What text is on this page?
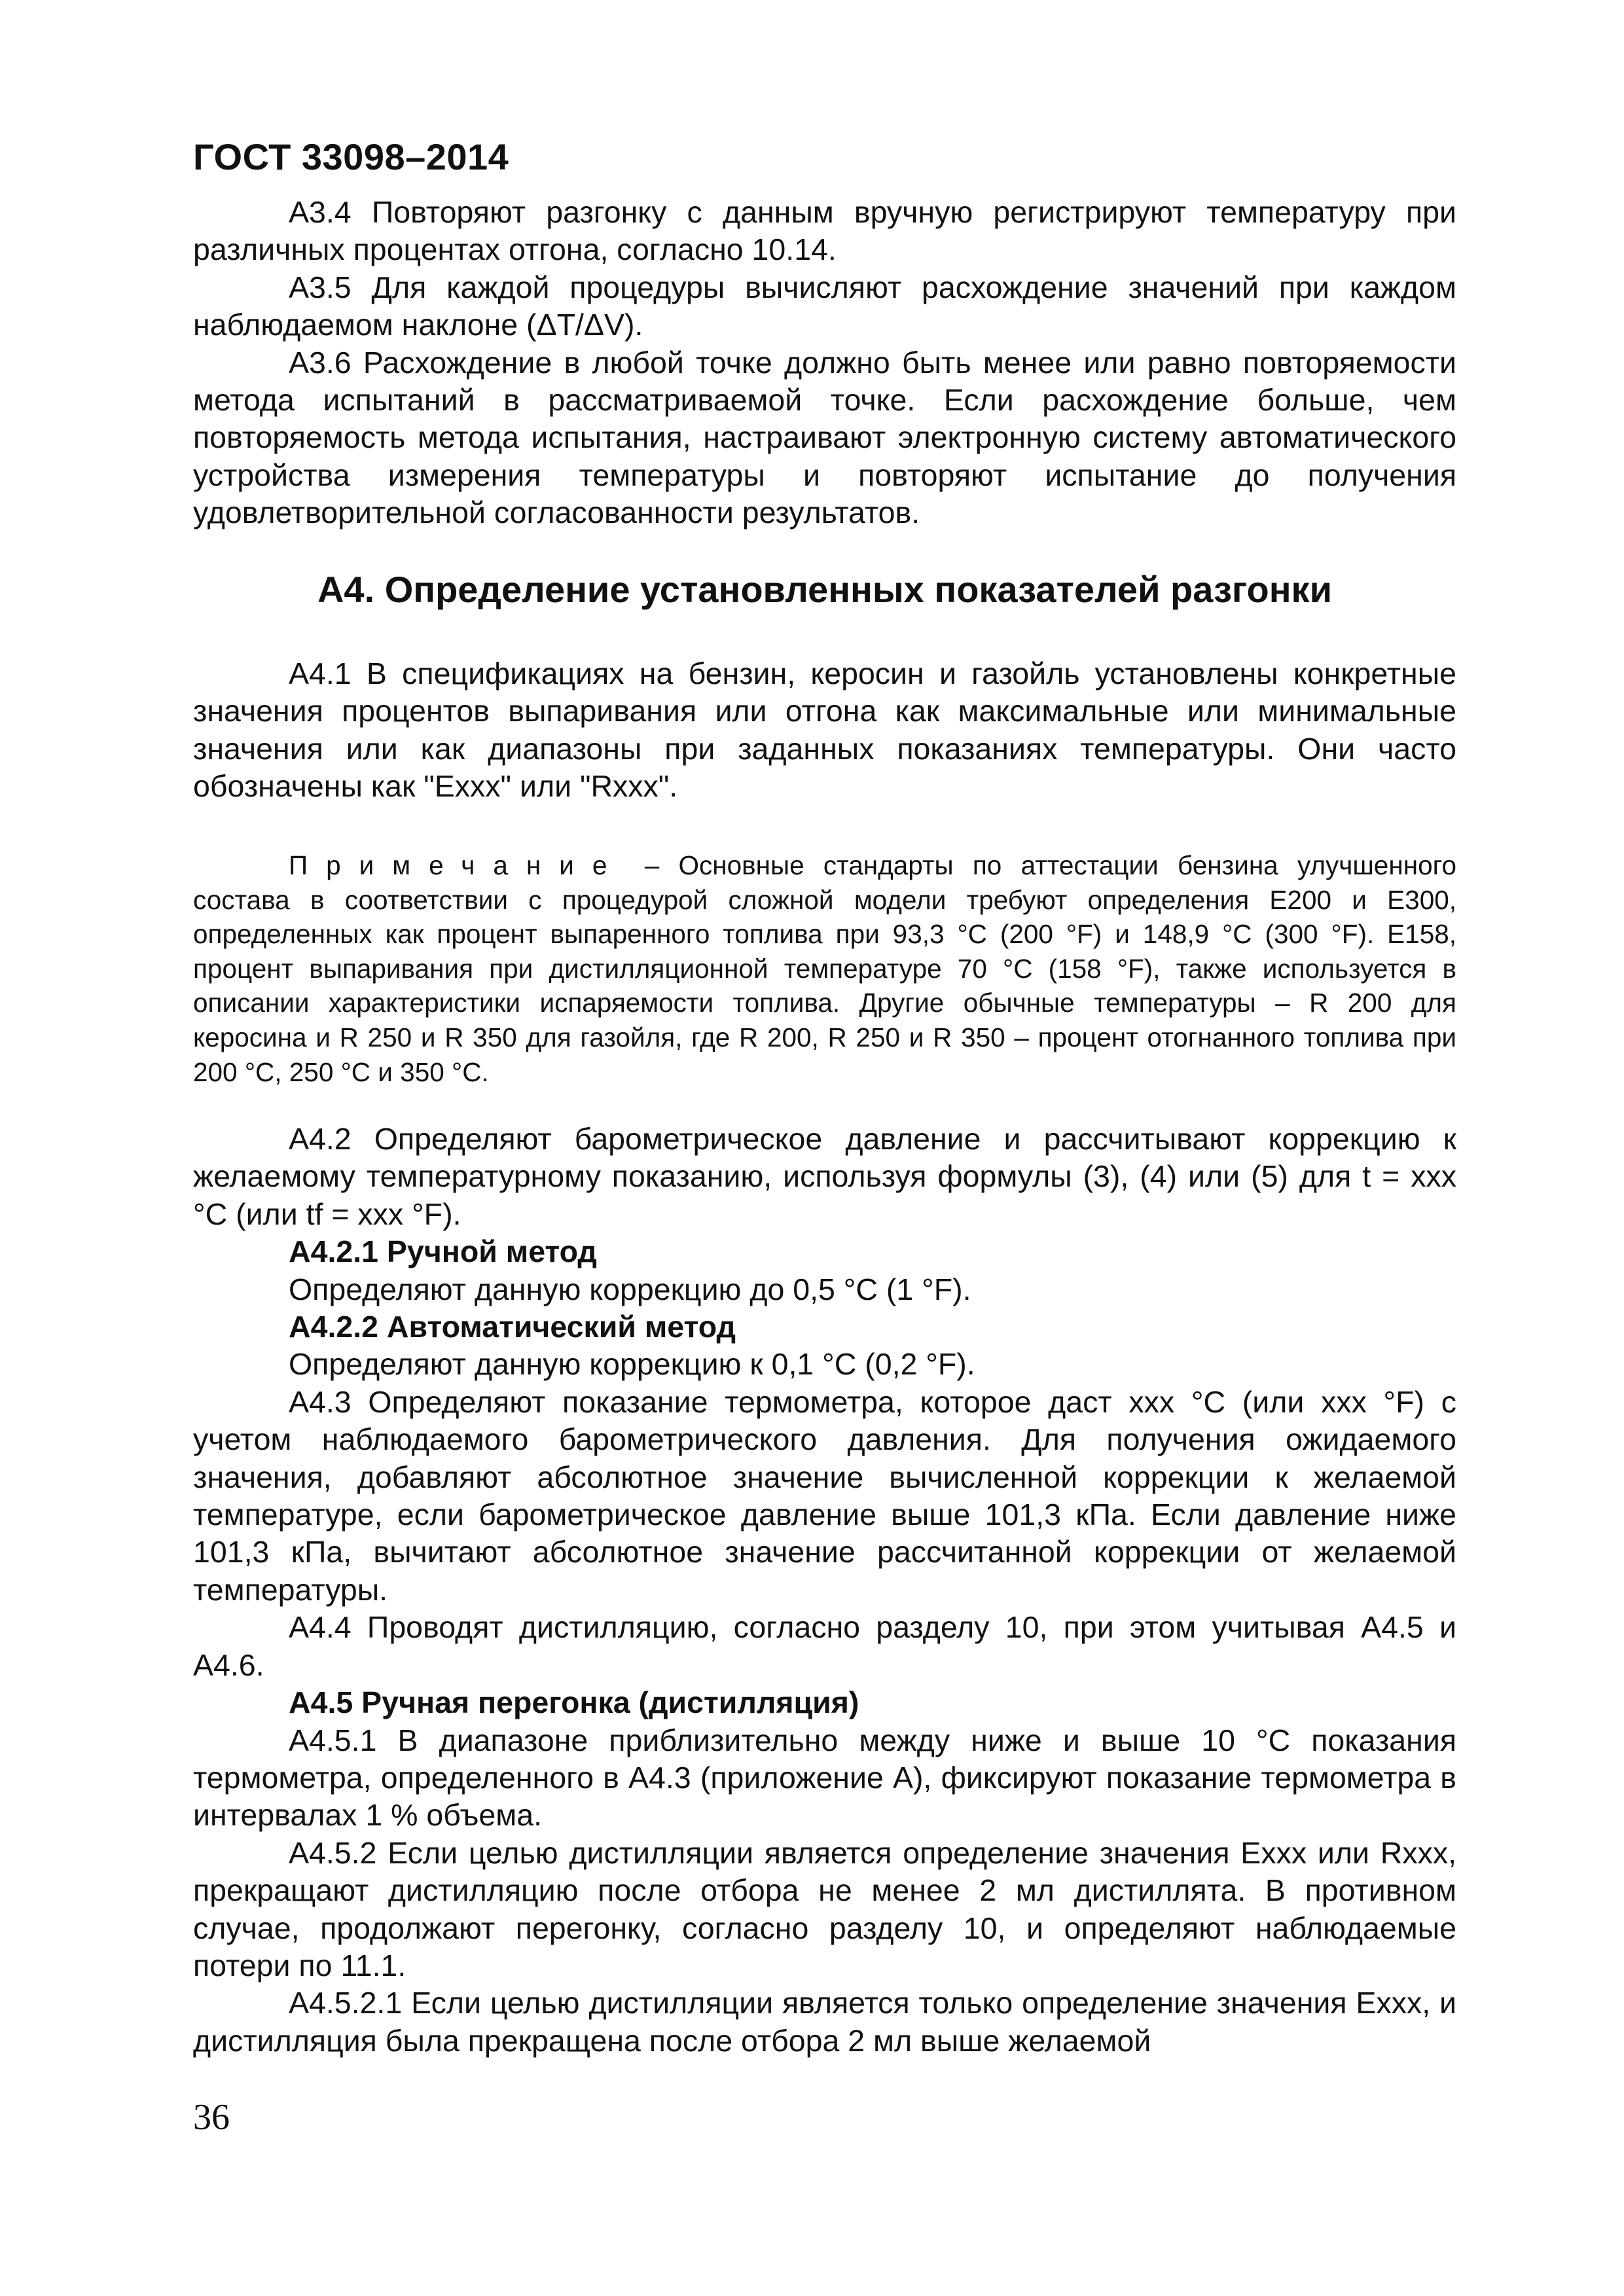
ГОСТ 33098–2014

А3.4 Повторяют разгонку с данным вручную регистрируют температуру при различных процентах отгона, согласно 10.14.

А3.5 Для каждой процедуры вычисляют расхождение значений при каждом наблюдаемом наклоне (ΔT/ΔV).

А3.6 Расхождение в любой точке должно быть менее или равно повторяемости метода испытаний в рассматриваемой точке. Если расхождение больше, чем повторяемость метода испытания, настраивают электронную систему автоматического устройства измерения температуры и повторяют испытание до получения удовлетворительной согласованности результатов.

А4. Определение установленных показателей разгонки

А4.1 В спецификациях на бензин, керосин и газойль установлены конкретные значения процентов выпаривания или отгона как максимальные или минимальные значения или как диапазоны при заданных показаниях температуры. Они часто обозначены как "Exxx" или "Rxxx".

Примечание – Основные стандарты по аттестации бензина улучшенного состава в соответствии с процедурой сложной модели требуют определения E200 и E300, определенных как процент выпаренного топлива при 93,3 °C (200 °F) и 148,9 °C (300 °F). E158, процент выпаривания при дистилляционной температуре 70 °C (158 °F), также используется в описании характеристики испаряемости топлива. Другие обычные температуры – R 200 для керосина и R 250 и R 350 для газойля, где R 200, R 250 и R 350 – процент отогнанного топлива при 200 °C, 250 °C и 350 °C.

А4.2 Определяют барометрическое давление и рассчитывают коррекцию к желаемому температурному показанию, используя формулы (3), (4) или (5) для t = xxx °С (или tf = xxx °F).

А4.2.1 Ручной метод

Определяют данную коррекцию до 0,5 °C (1 °F).

А4.2.2 Автоматический метод

Определяют данную коррекцию к 0,1 °C (0,2 °F).

А4.3 Определяют показание термометра, которое даст xxx °С (или xxx °F) с учетом наблюдаемого барометрического давления. Для получения ожидаемого значения, добавляют абсолютное значение вычисленной коррекции к желаемой температуре, если барометрическое давление выше 101,3 кПа. Если давление ниже 101,3 кПа, вычитают абсолютное значение рассчитанной коррекции от желаемой температуры.

А4.4 Проводят дистилляцию, согласно разделу 10, при этом учитывая А4.5 и А4.6.

А4.5 Ручная перегонка (дистилляция)

А4.5.1 В диапазоне приблизительно между ниже и выше 10 °С показания термометра, определенного в А4.3 (приложение А), фиксируют показание термометра в интервалах 1 % объема.

А4.5.2 Если целью дистилляции является определение значения Exxx или Rxxx, прекращают дистилляцию после отбора не менее 2 мл дистиллята. В противном случае, продолжают перегонку, согласно разделу 10, и определяют наблюдаемые потери по 11.1.

А4.5.2.1 Если целью дистилляции является только определение значения Exxx, и дистилляция была прекращена после отбора 2 мл выше желаемой

36
